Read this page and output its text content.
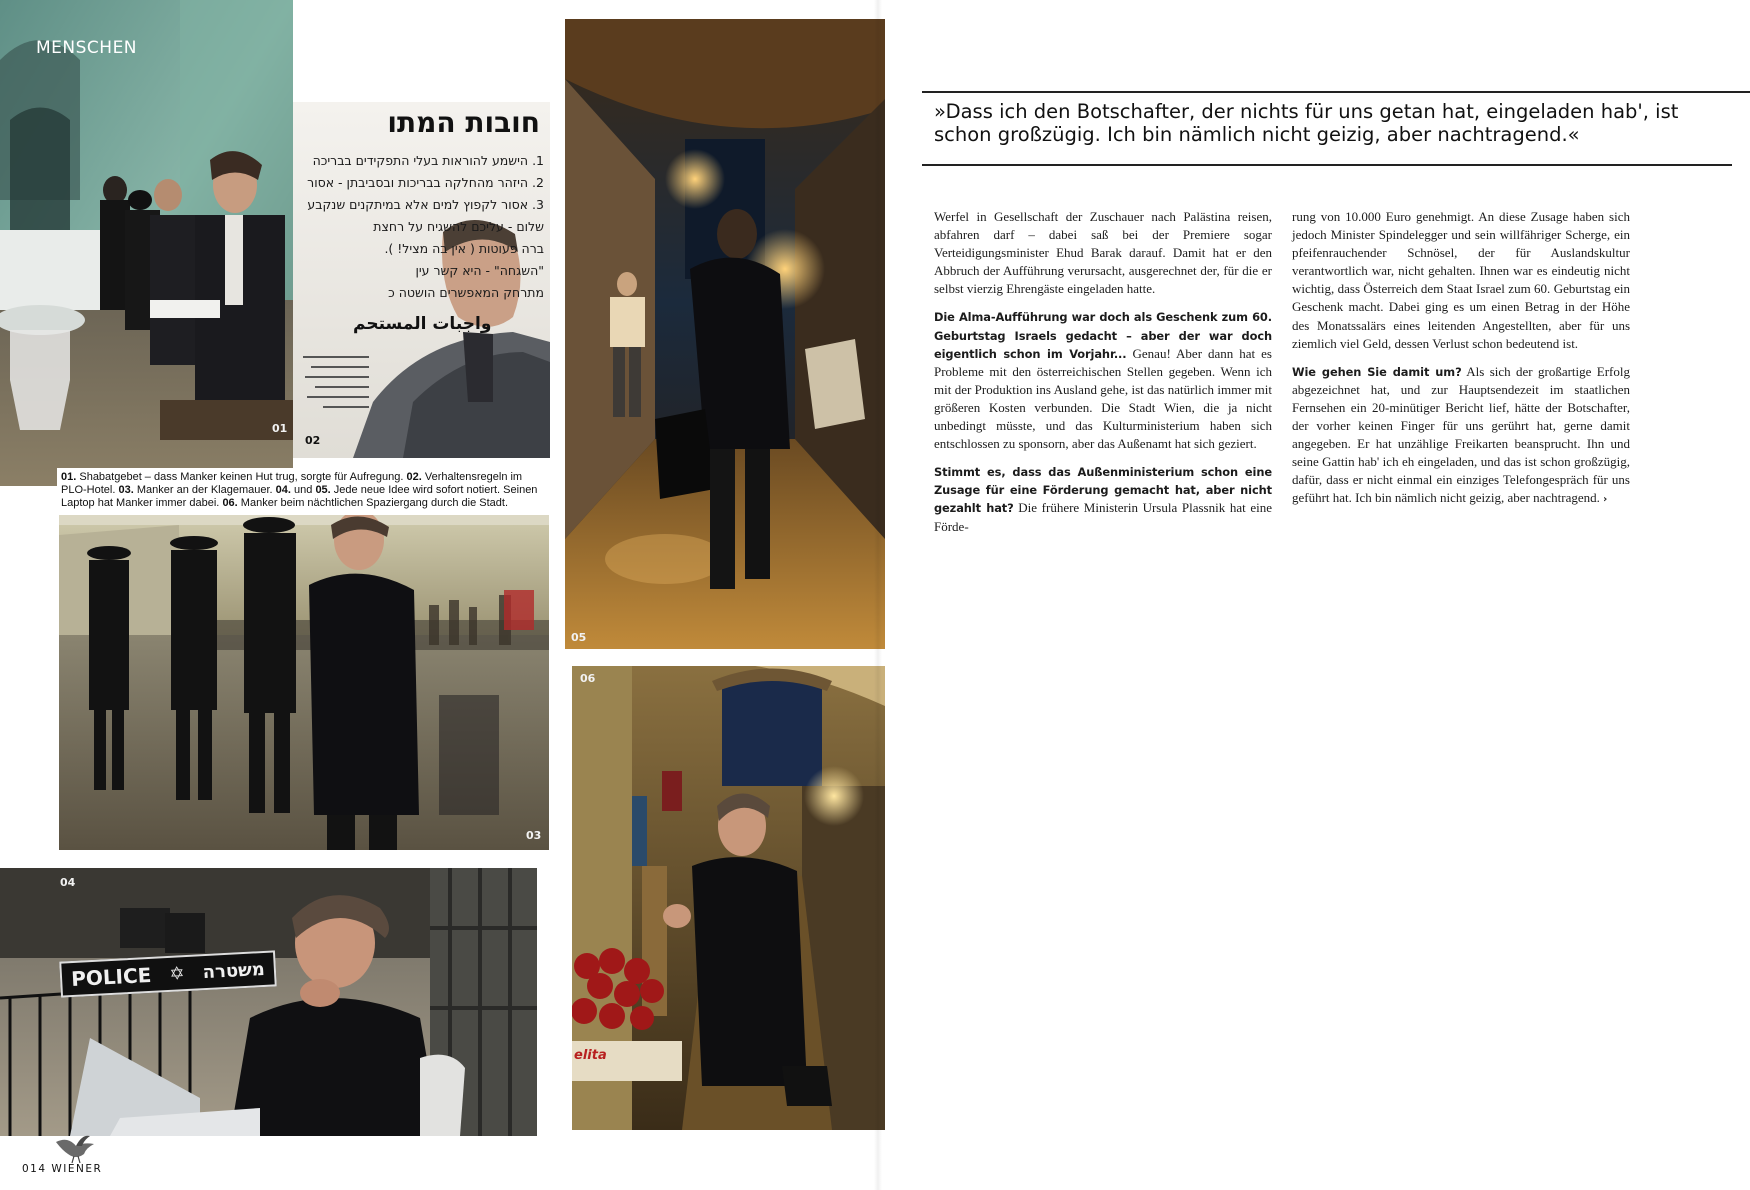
01
MENSCHEN
חובות המתו
1. הישמע להוראות בעלי התפקידים בבריכה
2. היזהר מהחלקה בבריכות ובסביבתן - אסור
3. אסור לקפוץ למים אלא במיתקנים שנקבע
שלום - עליכם להשגיח על רחצת
ברה פעוטות ( אין בה מציל! ).
"השגחה" - היא קשר עין
מתרחק המאפשרים הושטה כ
واجبات المستحم
02
01. Shabatgebet – dass Manker keinen Hut trug, sorgte für Aufregung. 02. Verhaltensregeln im PLO-Hotel. 03. Manker an der Klagemauer. 04. und 05. Jede neue Idee wird sofort notiert. Seinen Laptop hat Manker immer dabei. 06. Manker beim nächtlichen Spaziergang durch die Stadt.
03
POLICE ✡ משטרה
04
05
elita
06
014 WIENER
»Dass ich den Botschafter, der nichts für uns getan hat, eingeladen hab', ist schon großzügig. Ich bin nämlich nicht geizig, aber nachtragend.«

Werfel in Gesellschaft der Zuschauer nach Palästina reisen, abfahren darf – dabei saß bei der Premiere sogar Verteidigungsminister Ehud Barak darauf. Damit hat er den Abbruch der Aufführung verursacht, ausgerechnet der, für die er selbst vierzig Ehrengäste eingeladen hatte.

Die Alma-Aufführung war doch als Geschenk zum 60. Geburtstag Israels gedacht – aber der war doch eigentlich schon im Vorjahr... Genau! Aber dann hat es Probleme mit den österreichischen Stellen gegeben. Wenn ich mit der Produktion ins Ausland gehe, ist das natürlich immer mit größeren Kosten verbunden. Die Stadt Wien, die ja nicht unbedingt müsste, und das Kulturministerium haben sich entschlossen zu sponsorn, aber das Außenamt hat sich geziert.

Stimmt es, dass das Außenministerium schon eine Zusage für eine Förderung gemacht hat, aber nicht gezahlt hat? Die frühere Ministerin Ursula Plassnik hat eine Förde-

rung von 10.000 Euro genehmigt. An diese Zusage haben sich jedoch Minister Spindelegger und sein willfähriger Scherge, ein pfeifenrauchender Schnösel, der für Auslandskultur verantwortlich war, nicht gehalten. Ihnen war es eindeutig nicht wichtig, dass Österreich dem Staat Israel zum 60. Geburtstag ein Geschenk macht. Dabei ging es um einen Betrag in der Höhe des Monatssalärs eines leitenden Angestellten, aber für uns ziemlich viel Geld, dessen Verlust schon bedeutend ist.

Wie gehen Sie damit um? Als sich der großartige Erfolg abgezeichnet hat, und zur Hauptsendezeit im staatlichen Fernsehen ein 20-minütiger Bericht lief, hätte der Botschafter, der vorher keinen Finger für uns gerührt hat, gerne damit angegeben. Er hat unzählige Freikarten beansprucht. Ihn und seine Gattin hab' ich eh eingeladen, und das ist schon großzügig, dafür, dass er nicht einmal ein einziges Telefongespräch für uns geführt hat. Ich bin nämlich nicht geizig, aber nachtragend. ›
